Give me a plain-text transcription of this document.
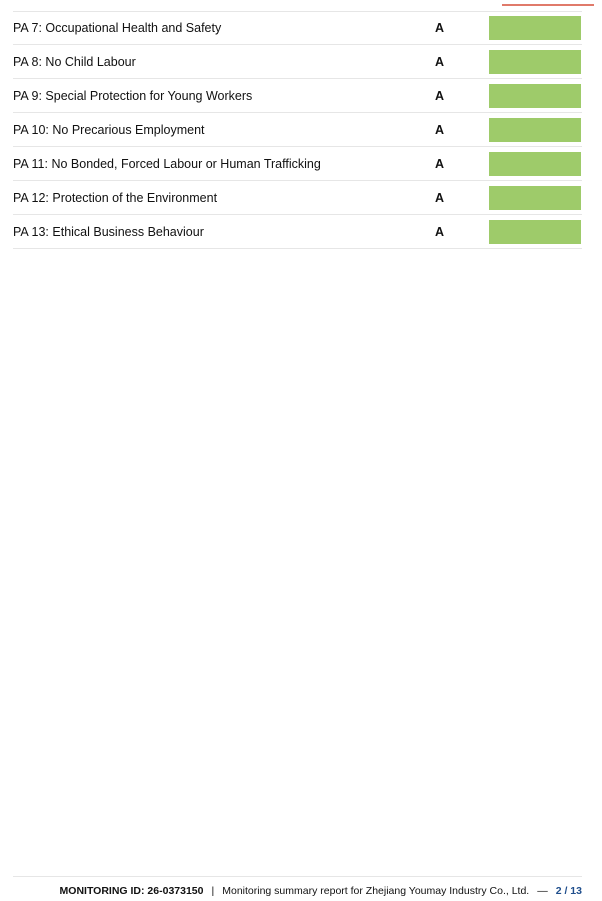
PA 7: Occupational Health and Safety	A
PA 8: No Child Labour	A
PA 9: Special Protection for Young Workers	A
PA 10: No Precarious Employment	A
PA 11: No Bonded, Forced Labour or Human Trafficking	A
PA 12: Protection of the Environment	A
PA 13: Ethical Business Behaviour	A
MONITORING ID: 26-0373150 | Monitoring summary report for Zhejiang Youmay Industry Co., Ltd. — 2 / 13
